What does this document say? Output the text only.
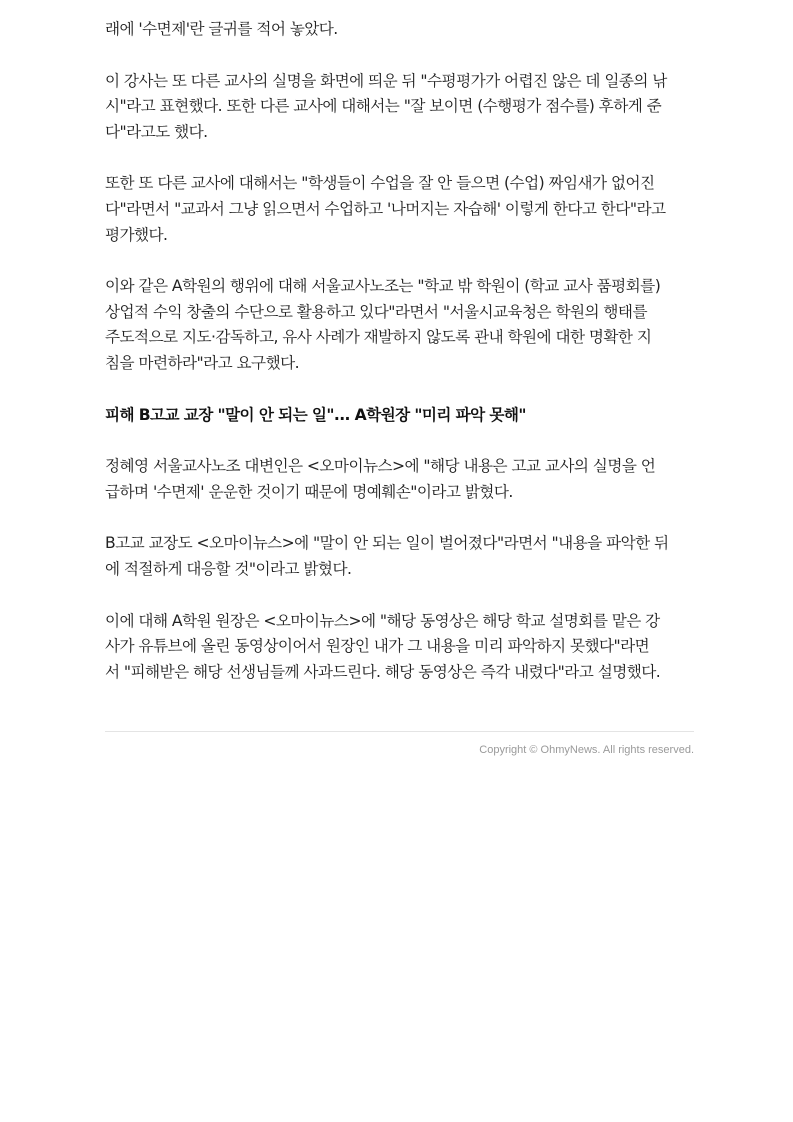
래에 '수면제'란 글귀를 적어 놓았다.

이 강사는 또 다른 교사의 실명을 화면에 띄운 뒤 "수평평가가 어렵진 않은 데 일종의 낚
시"라고 표현했다. 또한 다른 교사에 대해서는 "잘 보이면 (수행평가 점수를) 후하게 준
다"라고도 했다.

또한 또 다른 교사에 대해서는 "학생들이 수업을 잘 안 들으면 (수업) 짜임새가 없어진
다"라면서 "교과서 그냥 읽으면서 수업하고 '나머지는 자습해' 이렇게 한다고 한다"라고
평가했다.

이와 같은 A학원의 행위에 대해 서울교사노조는 "학교 밖 학원이 (학교 교사 품평회를)
상업적 수익 창출의 수단으로 활용하고 있다"라면서 "서울시교육청은 학원의 행태를
주도적으로 지도·감독하고, 유사 사례가 재발하지 않도록 관내 학원에 대한 명확한 지
침을 마련하라"라고 요구했다.

피해 B고교 교장 "말이 안 되는 일"... A학원장 "미리 파악 못해"

정혜영 서울교사노조 대변인은 <오마이뉴스>에 "해당 내용은 고교 교사의 실명을 언
급하며 '수면제' 운운한 것이기 때문에 명예훼손"이라고 밝혔다.

B고교 교장도 <오마이뉴스>에 "말이 안 되는 일이 벌어졌다"라면서 "내용을 파악한 뒤
에 적절하게 대응할 것"이라고 밝혔다.

이에 대해 A학원 원장은 <오마이뉴스>에 "해당 동영상은 해당 학교 설명회를 맡은 강
사가 유튜브에 올린 동영상이어서 원장인 내가 그 내용을 미리 파악하지 못했다"라면
서 "피해받은 해당 선생님들께 사과드린다. 해당 동영상은 즉각 내렸다"라고 설명했다.

Copyright © OhmyNews. All rights reserved.
